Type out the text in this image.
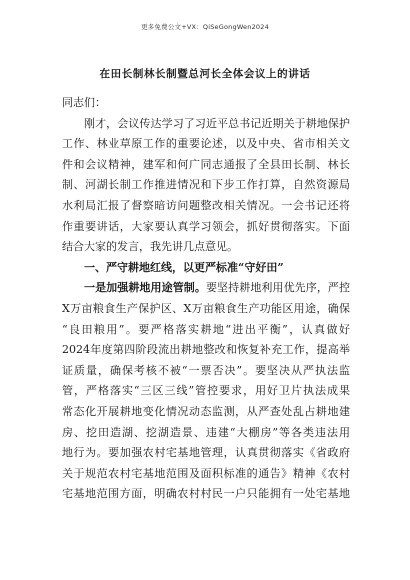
更多免费公文+VX：QiSeGongWen2024
在田长制林长制暨总河长全体会议上的讲话
同志们：
刚才，会议传达学习了习近平总书记近期关于耕地保护
工作、林业草原工作的重要论述，以及中央、省市相关文
件和会议精神，建军和何广同志通报了全县田长制、林长
制、河湖长制工作推进情况和下步工作打算，自然资源局
水利局汇报了督察暗访问题整改相关情况。一会书记还将
作重要讲话，大家要认真学习领会，抓好贯彻落实。下面
结合大家的发言，我先讲几点意见。
一、严守耕地红线，以更严标准“守好田”
一是加强耕地用途管制。要坚持耕地利用优先序，严控
X万亩粮食生产保护区、X万亩粮食生产功能区用途，确保
“良田粮用”。要严格落实耕地“进出平衡”，认真做好
2024年度第四阶段流出耕地整改和恢复补充工作，提高举
证质量，确保考核不被“一票否决”。要坚决从严执法监
管，严格落实“三区三线”管控要求，用好卫片执法成果
常态化开展耕地变化情况动态监测，从严查处乱占耕地建
房、挖田造湖、挖湖造景、违建“大棚房”等各类违法用
地行为。要加强农村宅基地管理，认真贯彻落实《省政府
关于规范农村宅基地范围及面积标准的通告》精神《农村
宅基地范围方面，明确农村村民一户只能拥有一处宅基地
